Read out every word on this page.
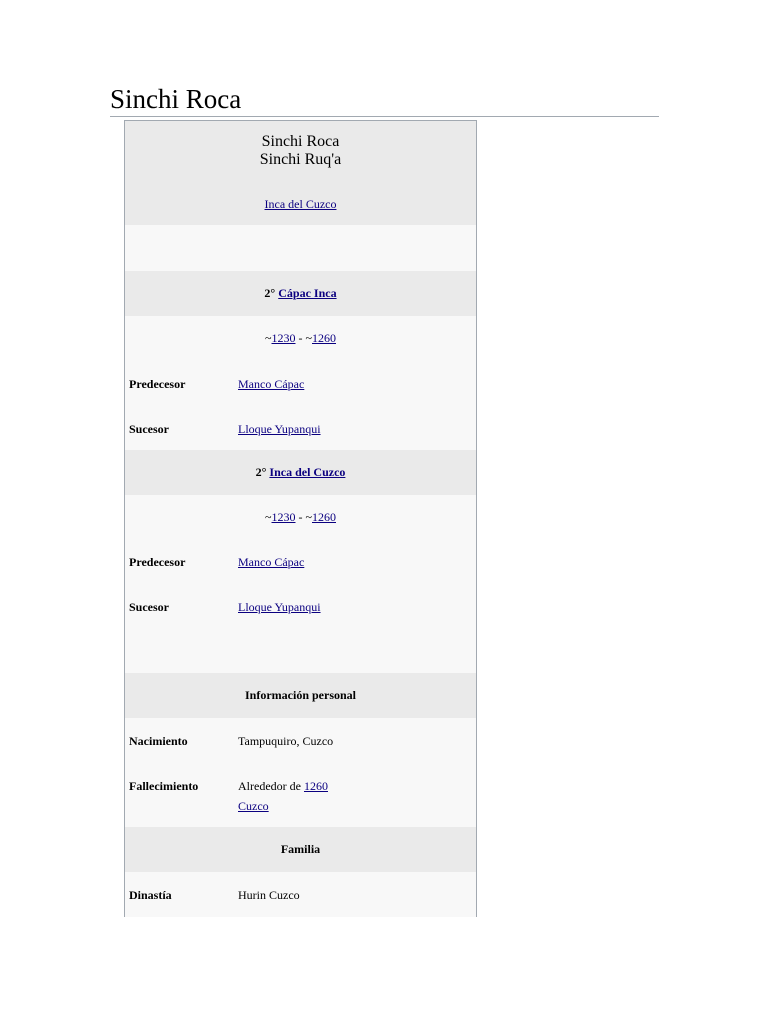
Sinchi Roca
Sinchi Roca
Sinchi Ruq'a
Inca del Cuzco
2° Cápac Inca
~1230 - ~1260
Predecesor	Manco Cápac
Sucesor	Lloque Yupanqui
2° Inca del Cuzco
~1230 - ~1260
Predecesor	Manco Cápac
Sucesor	Lloque Yupanqui
Información personal
Nacimiento	Tampuquiro, Cuzco
Fallecimiento	Alrededor de 1260
Cuzco
Familia
Dinastía	Hurin Cuzco
